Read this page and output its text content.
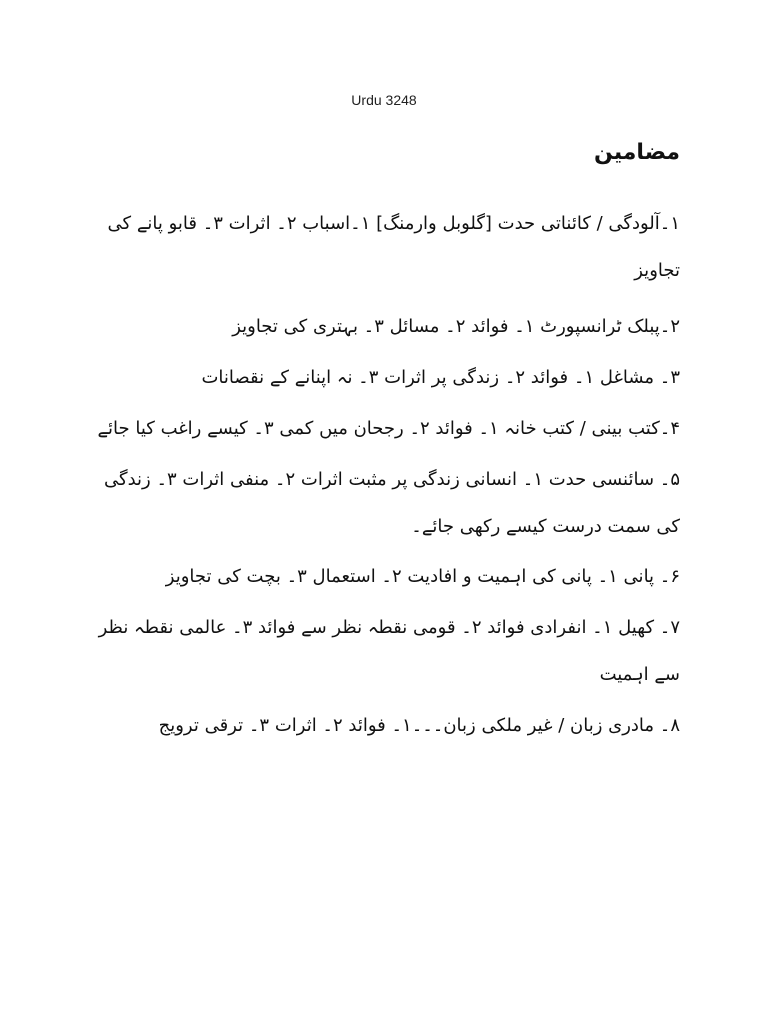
Urdu 3248
مضامین
۱۔آلودگی / کائناتی حدت [گلوبل وارمنگ] ۱۔اسباب ۲۔ اثرات ۳۔ قابو پانے کی تجاویز
۲۔پبلک ٹرانسپورٹ ۱۔ فوائد ۲۔ مسائل ۳۔ بہتری کی تجاویز
۳۔ مشاغل ۱۔ فوائد ۲۔ زندگی پر اثرات ۳۔ نہ اپنانے کے نقصانات
۴۔کتب بینی / کتب خانہ ۱۔ فوائد ۲۔ رجحان میں کمی ۳۔ کیسے راغب کیا جائے
۵۔ سائنسی حدت ۱۔ انسانی زندگی پر مثبت اثرات ۲۔ منفی اثرات ۳۔ زندگی کی سمت درست کیسے رکھی جائے۔
۶۔ پانی ۱۔ پانی کی اہمیت و افادیت ۲۔ استعمال ۳۔ بچت کی تجاویز
۷۔ کھیل ۱۔ انفرادی فوائد ۲۔ قومی نقطہ نظر سے فوائد ۳۔ عالمی نقطہ نظر سے اہمیت
۸۔ مادری زبان / غیر ملکی زبان۔۔۔۱۔ فوائد ۲۔ اثرات ۳۔ ترقی ترویج
